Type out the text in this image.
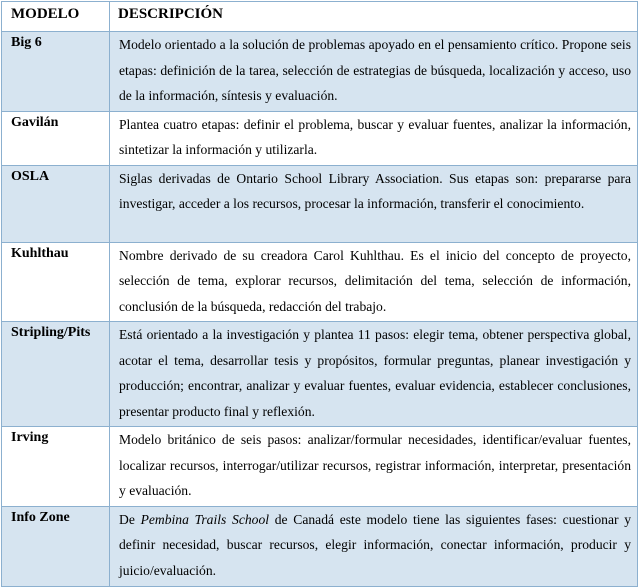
MODELO	DESCRIPCIÓN
Big 6	Modelo orientado a la solución de problemas apoyado en el pensamiento crítico. Propone seis etapas: definición de la tarea, selección de estrategias de búsqueda, localización y acceso, uso de la información, síntesis y evaluación.
Gavilán	Plantea cuatro etapas: definir el problema, buscar y evaluar fuentes, analizar la información, sintetizar la información y utilizarla.
OSLA	Siglas derivadas de Ontario School Library Association. Sus etapas son: prepararse para investigar, acceder a los recursos, procesar la información, transferir el conocimiento.
Kuhlthau	Nombre derivado de su creadora Carol Kuhlthau. Es el inicio del concepto de proyecto, selección de tema, explorar recursos, delimitación del tema, selección de información, conclusión de la búsqueda, redacción del trabajo.
Stripling/Pits	Está orientado a la investigación y plantea 11 pasos: elegir tema, obtener perspectiva global, acotar el tema, desarrollar tesis y propósitos, formular preguntas, planear investigación y producción; encontrar, analizar y evaluar fuentes, evaluar evidencia, establecer conclusiones, presentar producto final y reflexión.
Irving	Modelo británico de seis pasos: analizar/formular necesidades, identificar/evaluar fuentes, localizar recursos, interrogar/utilizar recursos, registrar información, interpretar, presentación y evaluación.
Info Zone	De Pembina Trails School de Canadá este modelo tiene las siguientes fases: cuestionar y definir necesidad, buscar recursos, elegir información, conectar información, producir y juicio/evaluación.
